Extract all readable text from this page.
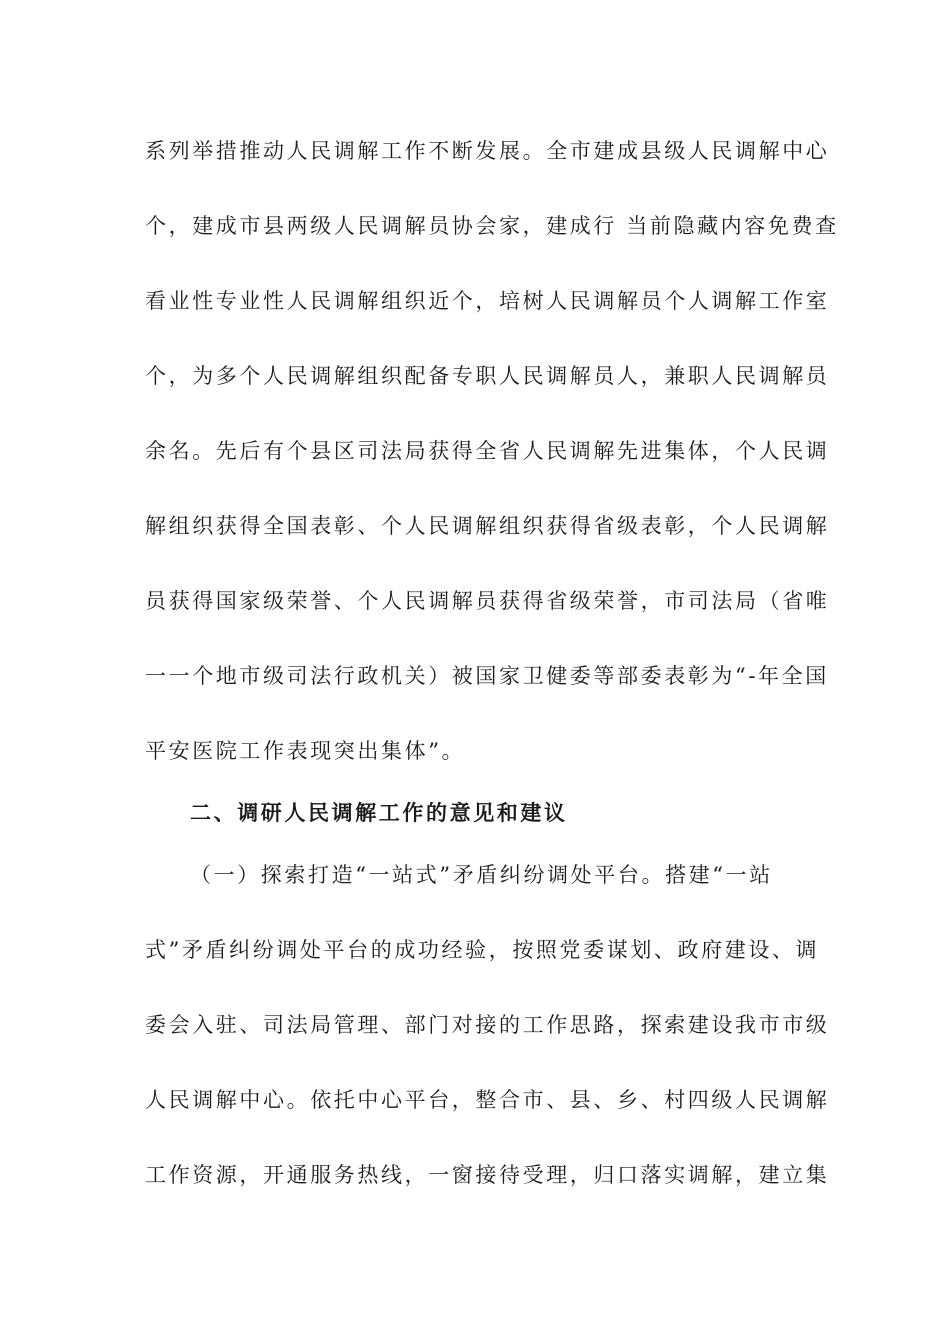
系列举措推动人民调解工作不断发展。全市建成县级人民调解中心
个，建成市县两级人民调解员协会家，建成行 当前隐藏内容免费查
看业性专业性人民调解组织近个，培树人民调解员个人调解工作室
个，为多个人民调解组织配备专职人民调解员人，兼职人民调解员
余名。先后有个县区司法局获得全省人民调解先进集体，个人民调
解组织获得全国表彰、个人民调解组织获得省级表彰，个人民调解
员获得国家级荣誉、个人民调解员获得省级荣誉，市司法局（省唯
一一个地市级司法行政机关）被国家卫健委等部委表彰为“-年全国
平安医院工作表现突出集体”。
二、调研人民调解工作的意见和建议
（一）探索打造“一站式”矛盾纠纷调处平台。搭建“一站
式”矛盾纠纷调处平台的成功经验，按照党委谋划、政府建设、调
委会入驻、司法局管理、部门对接的工作思路，探索建设我市市级
人民调解中心。依托中心平台，整合市、县、乡、村四级人民调解
工作资源，开通服务热线，一窗接待受理，归口落实调解，建立集
